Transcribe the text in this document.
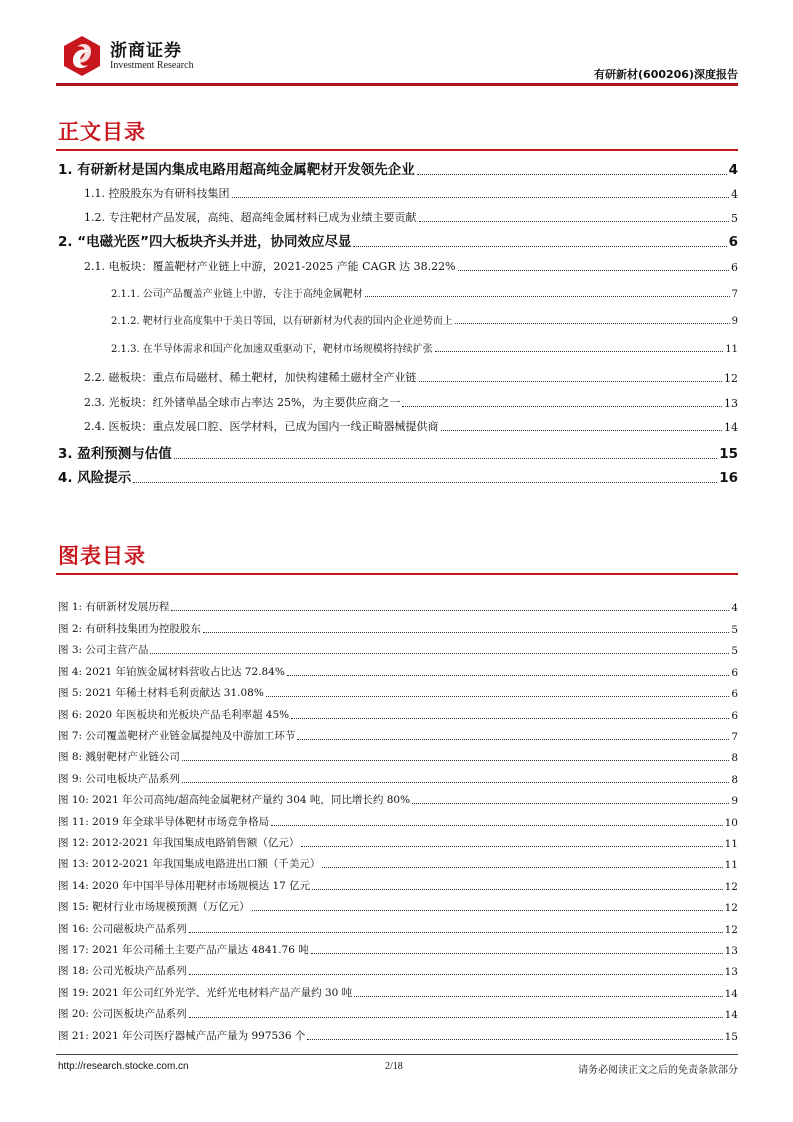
浙商证券
Investment Research
有研新材(600206)深度报告
正文目录
1. 有研新材是国内集成电路用超高纯金属靶材开发领先企业	4
1.1. 控股股东为有研科技集团	4
1.2. 专注靶材产品发展，高纯、超高纯金属材料已成为业绩主要贡献	5
2. “电磁光医”四大板块齐头并进，协同效应尽显	6
2.1. 电板块：覆盖靶材产业链上中游，2021-2025 产能 CAGR 达 38.22%	6
2.1.1. 公司产品覆盖产业链上中游，专注于高纯金属靶材	7
2.1.2. 靶材行业高度集中于美日等国，以有研新材为代表的国内企业逆势而上	9
2.1.3. 在半导体需求和国产化加速双重驱动下，靶材市场规模将持续扩张	11
2.2. 磁板块：重点布局磁材、稀土靶材，加快构建稀土磁材全产业链	12
2.3. 光板块：红外锗单晶全球市占率达 25%，为主要供应商之一	13
2.4. 医板块：重点发展口腔、医学材料，已成为国内一线正畸器械提供商	14
3. 盈利预测与估值	15
4. 风险提示	16
图表目录
图 1: 有研新材发展历程	4
图 2: 有研科技集团为控股股东	5
图 3: 公司主营产品	5
图 4: 2021 年铂族金属材料营收占比达 72.84%	6
图 5: 2021 年稀土材料毛利贡献达 31.08%	6
图 6: 2020 年医板块和光板块产品毛利率超 45%	6
图 7: 公司覆盖靶材产业链金属提纯及中游加工环节	7
图 8: 溅射靶材产业链公司	8
图 9: 公司电板块产品系列	8
图 10: 2021 年公司高纯/超高纯金属靶材产量约 304 吨，同比增长约 80%	9
图 11: 2019 年全球半导体靶材市场竞争格局	10
图 12: 2012-2021 年我国集成电路销售额（亿元）	11
图 13: 2012-2021 年我国集成电路进出口额（千美元）	11
图 14: 2020 年中国半导体用靶材市场规模达 17 亿元	12
图 15: 靶材行业市场规模预测（万亿元）	12
图 16: 公司磁板块产品系列	12
图 17: 2021 年公司稀土主要产品产量达 4841.76 吨	13
图 18: 公司光板块产品系列	13
图 19: 2021 年公司红外光学、光纤光电材料产品产量约 30 吨	14
图 20: 公司医板块产品系列	14
图 21: 2021 年公司医疗器械产品产量为 997536 个	15
http://research.stocke.com.cn	2/18	请务必阅读正文之后的免责条款部分
